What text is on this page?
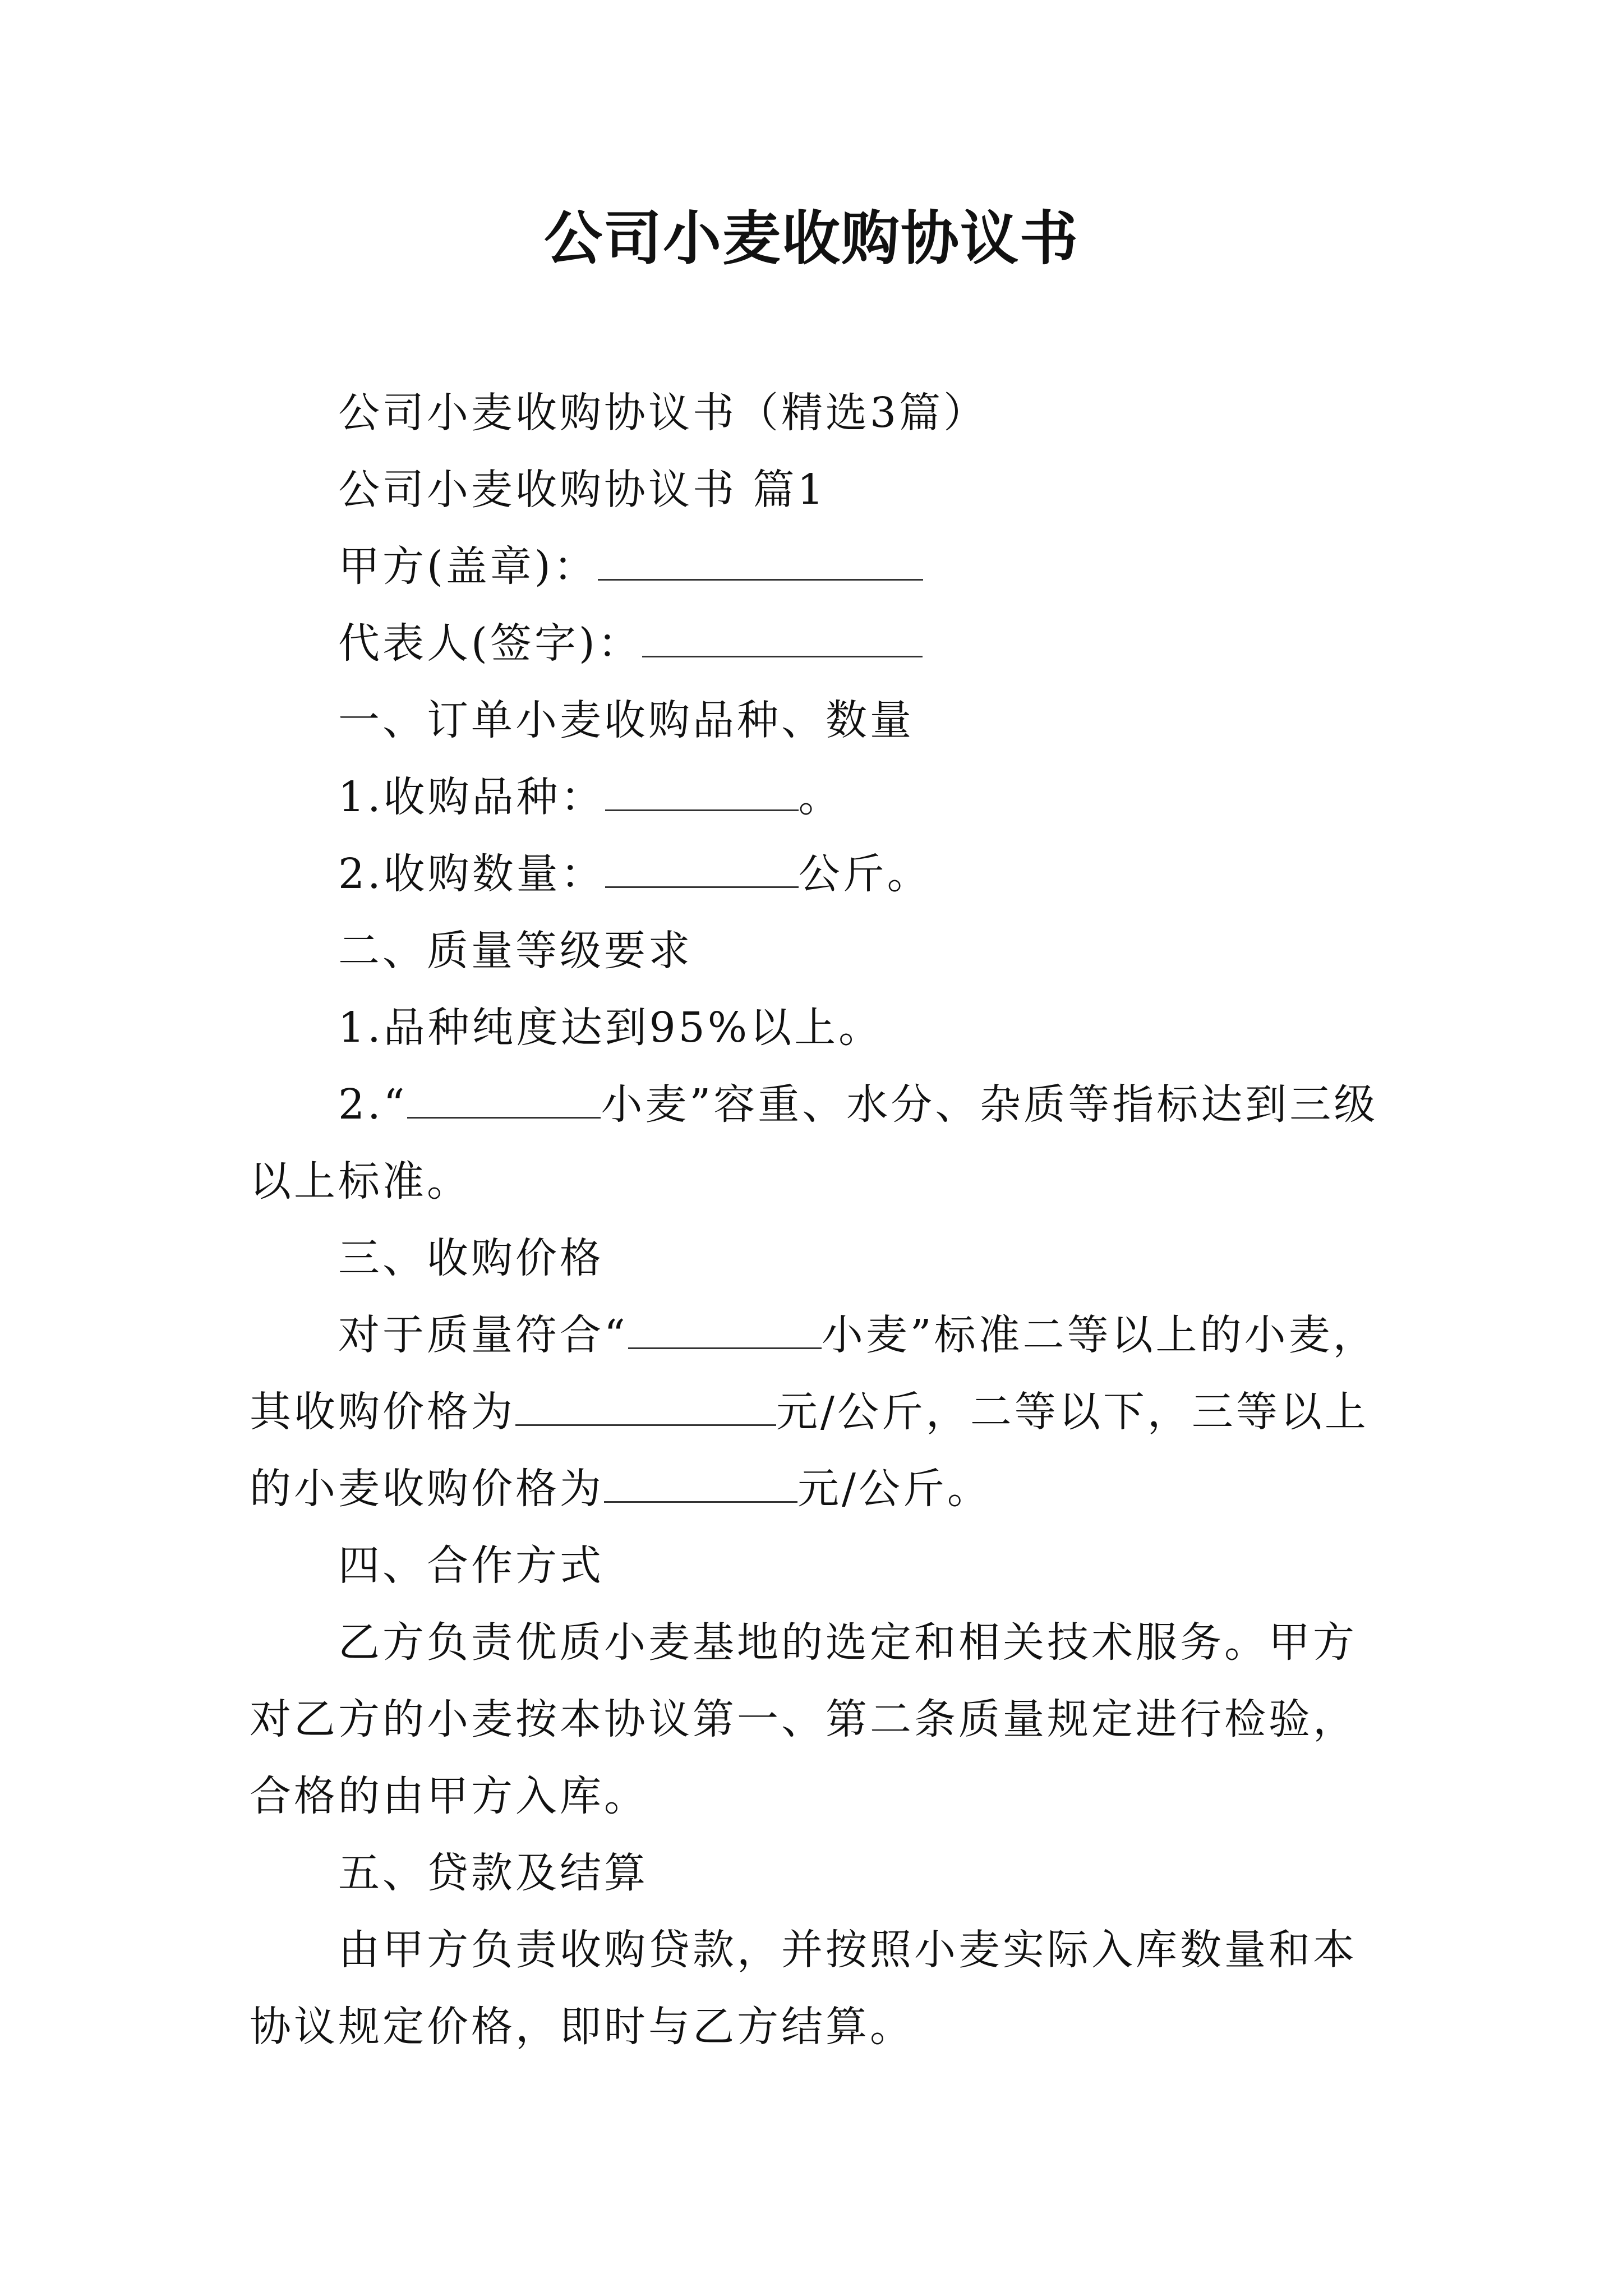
公司小麦收购协议书

公司小麦收购协议书（精选3篇）

公司小麦收购协议书 篇1

甲方(盖章)：

代表人(签字)：

一、订单小麦收购品种、数量

1.收购品种：	。

2.收购数量：	公斤。

二、质量等级要求

1.品种纯度达到95%以上。

2.“	小麦”容重、水分、杂质等指标达到三级以上标准。

三、收购价格

对于质量符合“	小麦”标准二等以上的小麦，其收购价格为	元/公斤，二等以下，三等以上的小麦收购价格为	元/公斤。

四、合作方式

乙方负责优质小麦基地的选定和相关技术服务。甲方对乙方的小麦按本协议第一、第二条质量规定进行检验，合格的由甲方入库。

五、贷款及结算

由甲方负责收购贷款，并按照小麦实际入库数量和本协议规定价格，即时与乙方结算。
